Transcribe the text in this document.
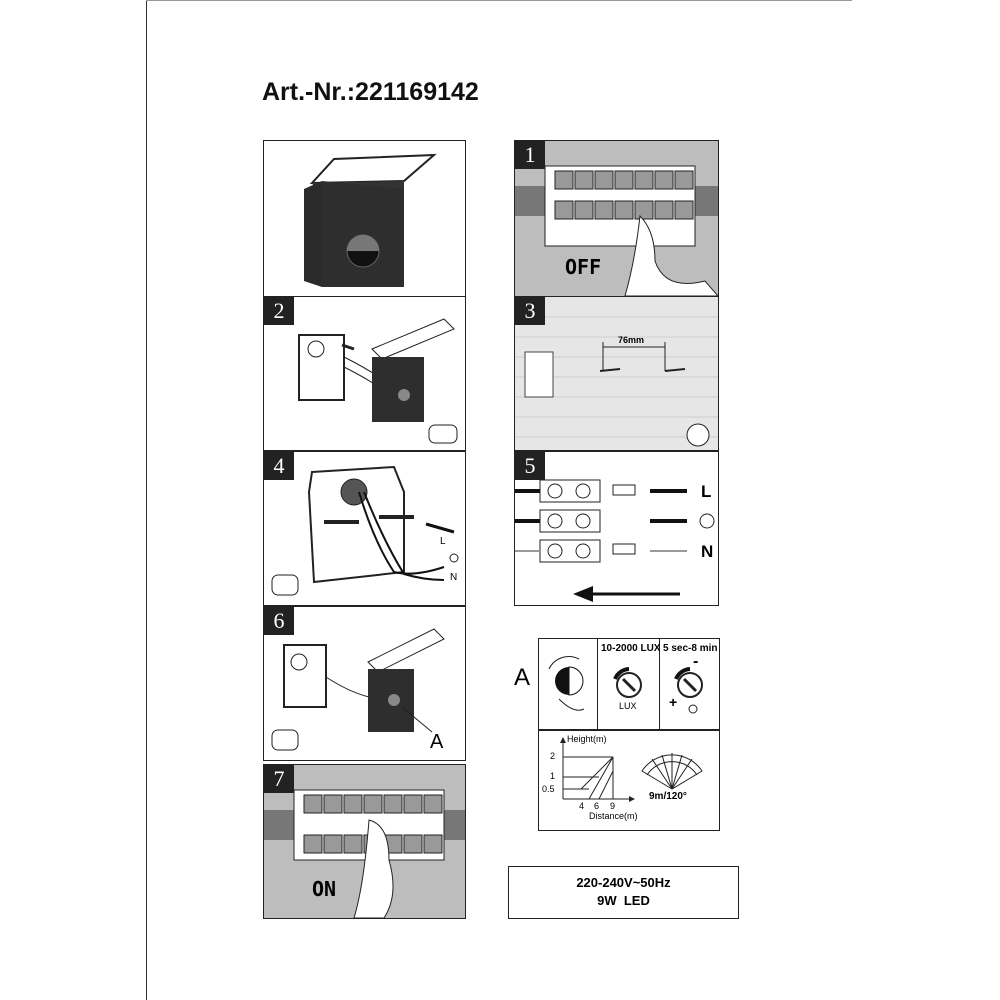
Art.-Nr.:221169142
1
OFF
2	3
76mm
4
L
N
5
L
N
6
A
7
ON
A
10-2000 LUX 5 sec-8 min
LUX +
-
Height(m)
2
1
0.5
4 6 9
Distance(m)
9m/120°
220-240V~50Hz
9W  LED
